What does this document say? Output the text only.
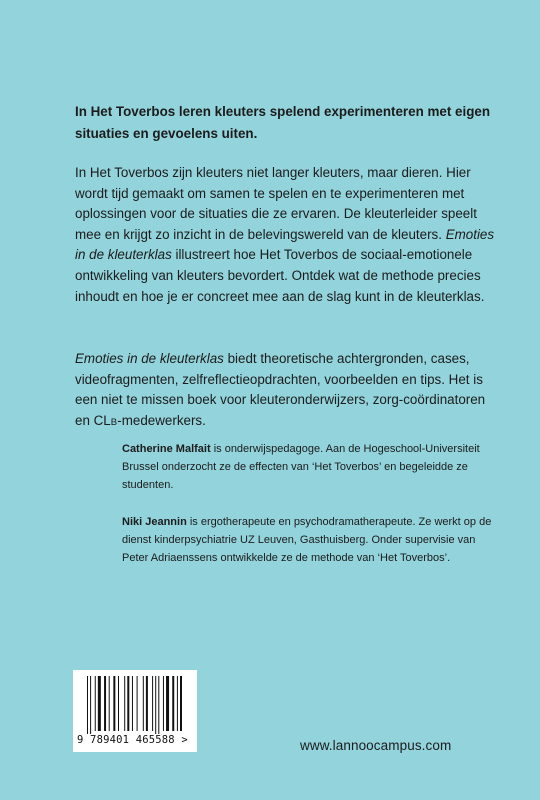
In Het Toverbos leren kleuters spelend experimenteren met eigen situaties en gevoelens uiten.

In Het Toverbos zijn kleuters niet langer kleuters, maar dieren. Hier wordt tijd gemaakt om samen te spelen en te experimenteren met oplossingen voor de situaties die ze ervaren. De kleuterleider speelt mee en krijgt zo inzicht in de belevingswereld van de kleuters. Emoties in de kleuterklas illustreert hoe Het Toverbos de sociaal-emotionele ontwikkeling van kleuters bevordert. Ontdek wat de methode precies inhoudt en hoe je er concreet mee aan de slag kunt in de kleuterklas.

Emoties in de kleuterklas biedt theoretische achtergronden, cases, videofragmenten, zelfreflectieopdrachten, voorbeelden en tips. Het is een niet te missen boek voor kleuteronderwijzers, zorg-coördinatoren en CLB-medewerkers.

Catherine Malfait is onderwijspedagoge. Aan de Hogeschool-Universiteit Brussel onderzocht ze de effecten van ‘Het Toverbos’ en begeleidde ze studenten.

Niki Jeannin is ergotherapeute en psychodramatherapeute. Ze werkt op de dienst kinderpsychiatrie UZ Leuven, Gasthuisberg. Onder supervisie van Peter Adriaenssens ontwikkelde ze de methode van ‘Het Toverbos’.

9 789401 465588 >	www.lannoocampus.com
